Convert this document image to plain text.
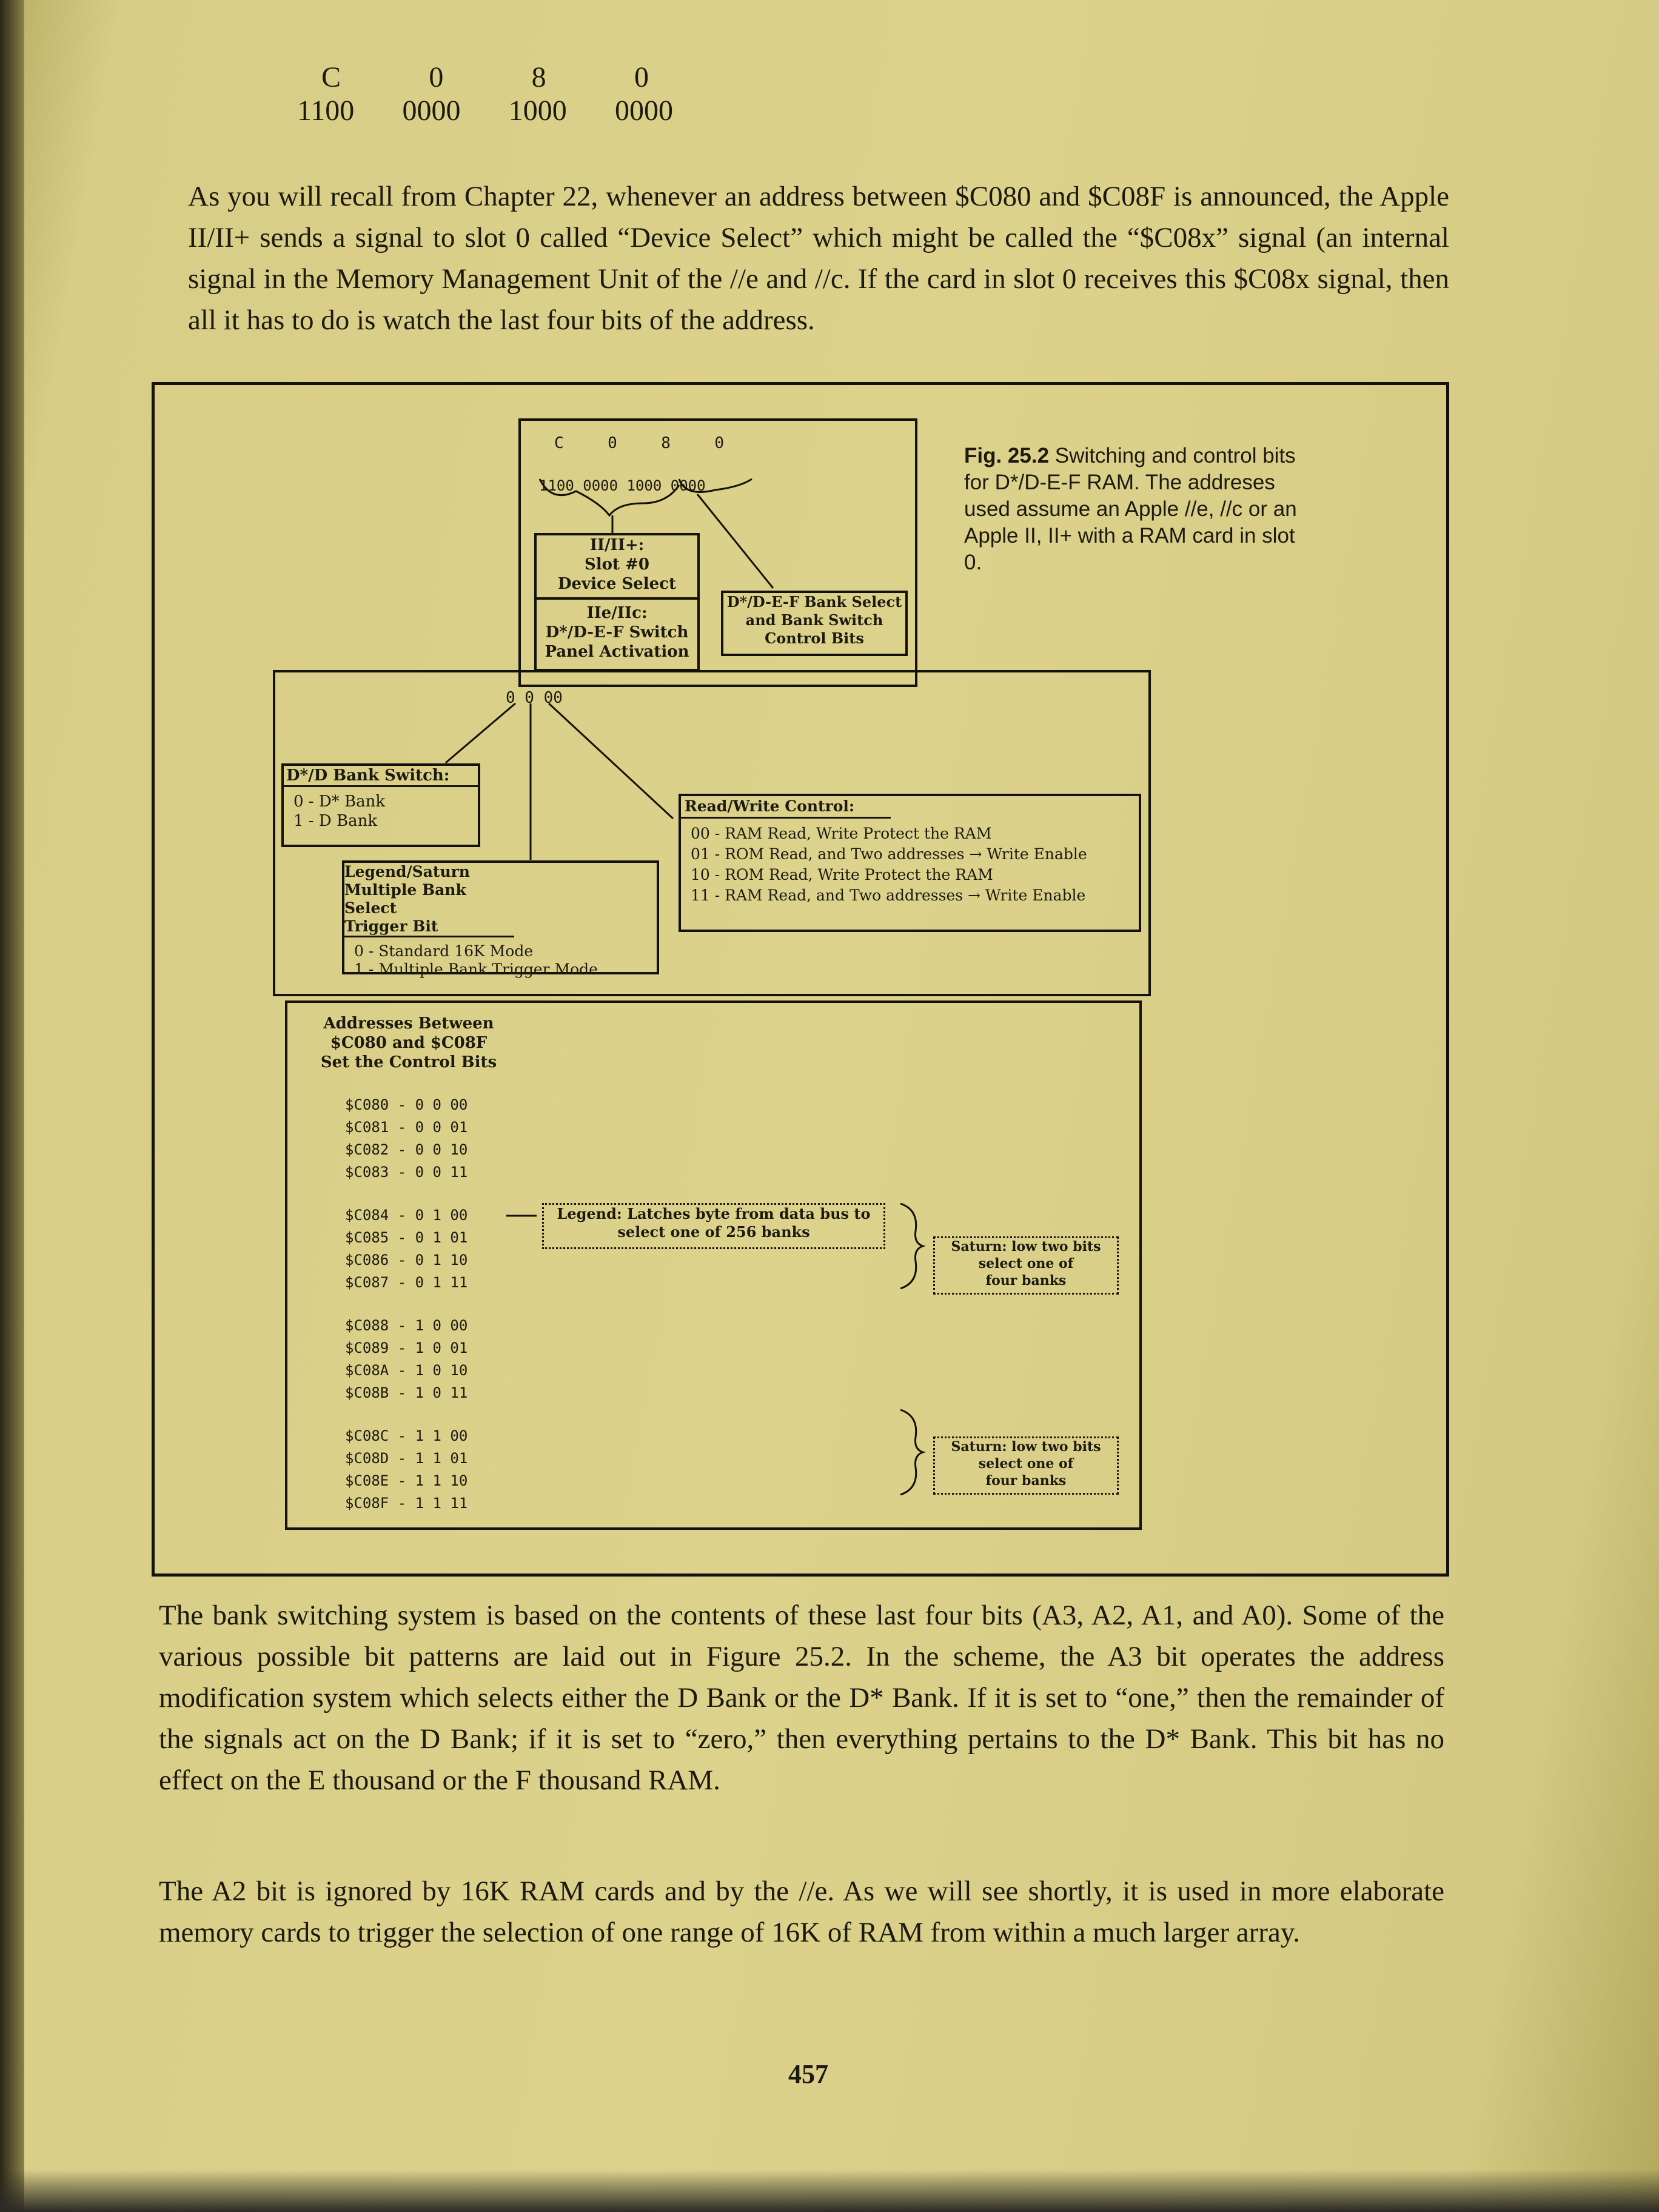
C	0	8	0
1100 0000 1000 0000

As you will recall from Chapter 22, whenever an address between $C080 and $C08F is announced, the Apple II/II+ sends a signal to slot 0 called “Device Select” which might be called the “$C08x” signal (an internal signal in the Memory Management Unit of the //e and //c. If the card in slot 0 receives this $C08x signal, then all it has to do is watch the last four bits of the address.

C	0	8	0
1100 0000 1000 0000
II/II+:
Slot #0
Device Select
IIe/IIc:
D*/D-E-F Switch
Panel Activation
D*/D-E-F Bank Select
and Bank Switch
Control Bits
Fig. 25.2 Switching and control bits for D*/D-E-F RAM. The addreses used assume an Apple //e, //c or an Apple II, II+ with a RAM card in slot 0.
0 0 00
D*/D Bank Switch:
0 - D* Bank
1 - D Bank
Legend/Saturn
Multiple Bank Select
Trigger Bit
0 - Standard 16K Mode
1 - Multiple Bank Trigger Mode
Read/Write Control:
00 - RAM Read, Write Protect the RAM
01 - ROM Read, and Two addresses → Write Enable
10 - ROM Read, Write Protect the RAM
11 - RAM Read, and Two addresses → Write Enable
Addresses Between
$C080 and $C08F
Set the Control Bits
$C080 - 0 0 00
$C081 - 0 0 01
$C082 - 0 0 10
$C083 - 0 0 11
$C084 - 0 1 00
$C085 - 0 1 01
$C086 - 0 1 10
$C087 - 0 1 11
$C088 - 1 0 00
$C089 - 1 0 01
$C08A - 1 0 10
$C08B - 1 0 11
$C08C - 1 1 00
$C08D - 1 1 01
$C08E - 1 1 10
$C08F - 1 1 11
Legend: Latches byte from data bus to
select one of 256 banks
Saturn: low two bits
select one of
four banks
Saturn: low two bits
select one of
four banks

The bank switching system is based on the contents of these last four bits (A3, A2, A1, and A0). Some of the various possible bit patterns are laid out in Figure 25.2. In the scheme, the A3 bit operates the address modification system which selects either the D Bank or the D* Bank. If it is set to “one,” then the remainder of the signals act on the D Bank; if it is set to “zero,” then everything pertains to the D* Bank. This bit has no effect on the E thousand or the F thousand RAM.

The A2 bit is ignored by 16K RAM cards and by the //e. As we will see shortly, it is used in more elaborate memory cards to trigger the selection of one range of 16K of RAM from within a much larger array.

457
